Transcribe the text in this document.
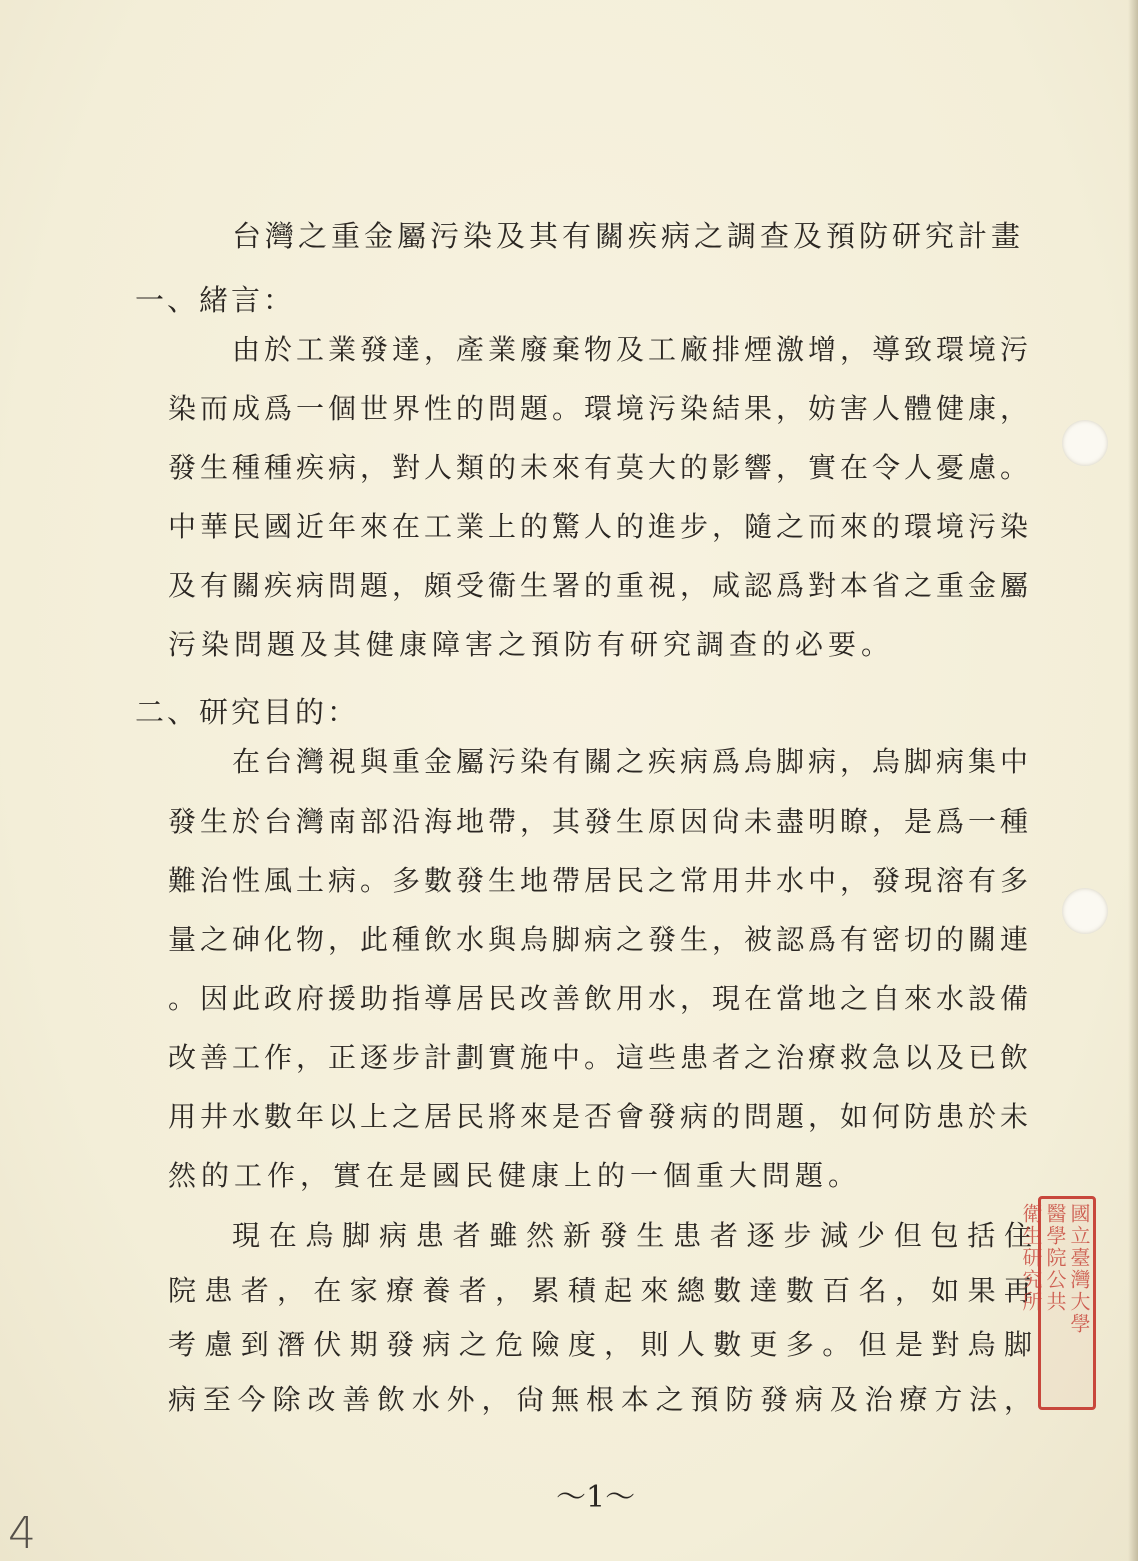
台灣之重金屬污染及其有關疾病之調查及預防研究計畫
一、緒言：
由於工業發達，產業廢棄物及工廠排煙激增，導致環境污
染而成爲一個世界性的問題。環境污染結果，妨害人體健康，
發生種種疾病，對人類的未來有莫大的影響，實在令人憂慮。
中華民國近年來在工業上的驚人的進步，隨之而來的環境污染
及有關疾病問題，頗受衞生署的重視，咸認爲對本省之重金屬
污染問題及其健康障害之預防有研究調查的必要。
二、研究目的：
在台灣視與重金屬污染有關之疾病爲烏脚病，烏脚病集中
發生於台灣南部沿海地帶，其發生原因尙未盡明瞭，是爲一種
難治性風土病。多數發生地帶居民之常用井水中，發現溶有多
量之砷化物，此種飲水與烏脚病之發生，被認爲有密切的關連
。因此政府援助指導居民改善飲用水，現在當地之自來水設備
改善工作，正逐步計劃實施中。這些患者之治療救急以及已飲
用井水數年以上之居民將來是否會發病的問題，如何防患於未
然的工作，實在是國民健康上的一個重大問題。
現在烏脚病患者雖然新發生患者逐步減少但包括住
院患者，在家療養者，累積起來總數達數百名，如果再
考慮到潛伏期發病之危險度，則人數更多。但是對烏脚
病至今除改善飲水外，尙無根本之預防發病及治療方法，
～1～
4
國立臺灣大學
醫學院公共
衛生研究所
